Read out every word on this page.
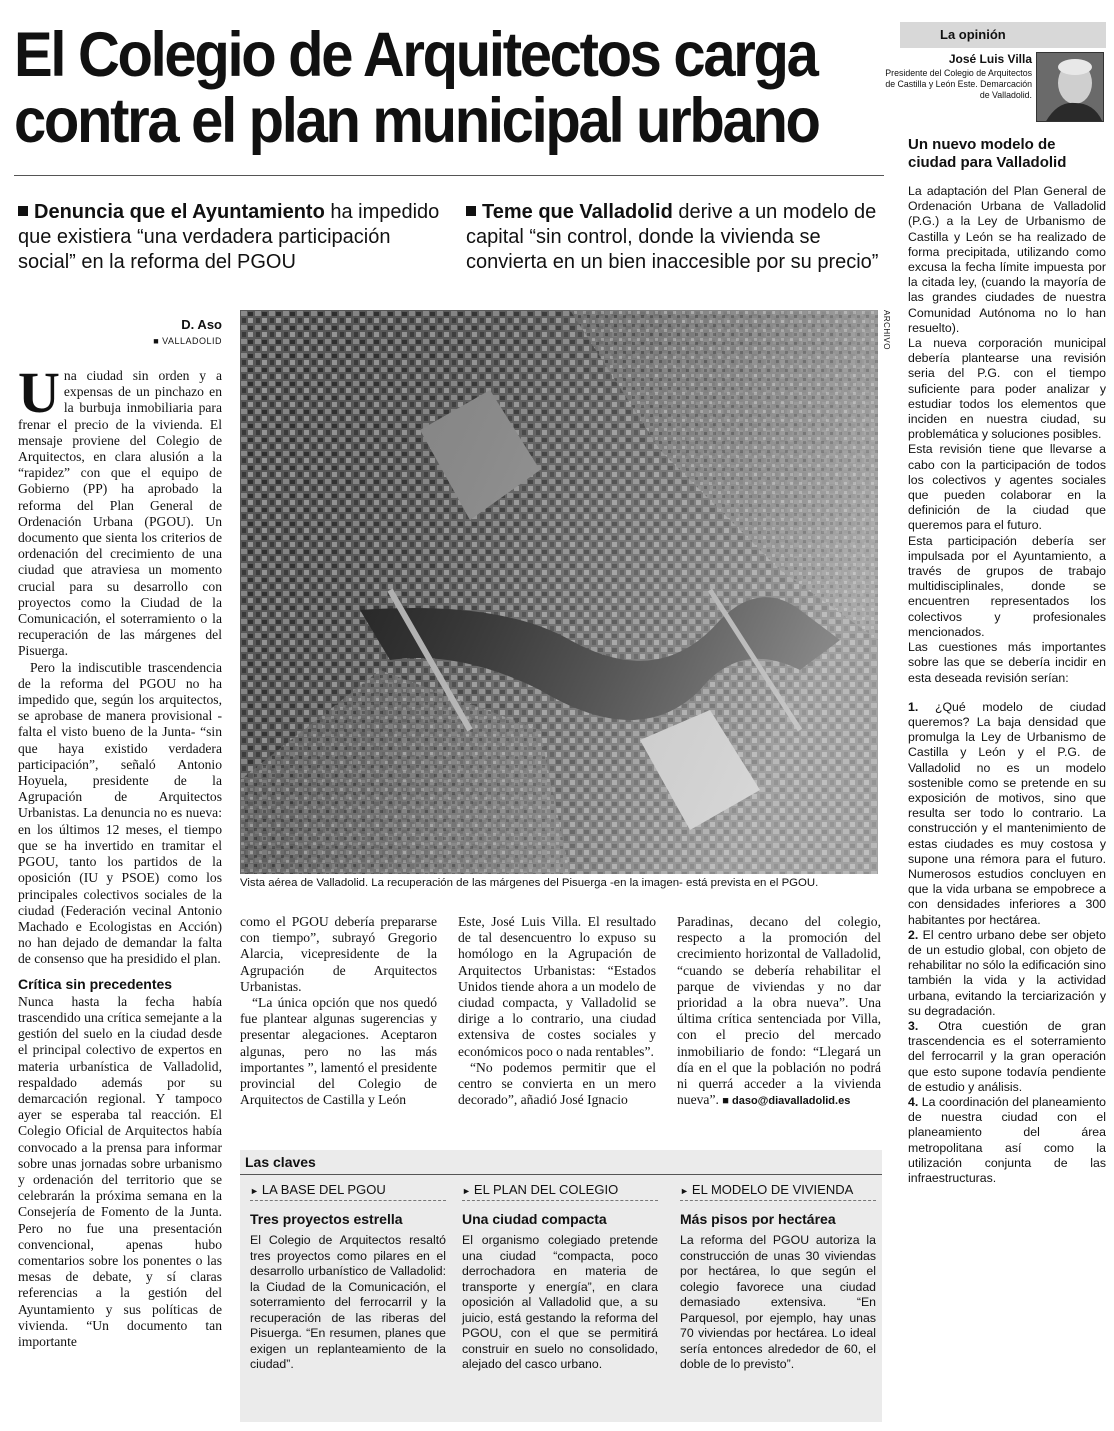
El Colegio de Arquitectos carga
contra el plan municipal urbano
Denuncia que el Ayuntamiento ha impedido que existiera “una verdadera participación social” en la reforma del PGOU
Teme que Valladolid derive a un modelo de capital “sin control, donde la vivienda se convierta en un bien inaccesible por su precio”
D. Aso
■ VALLADOLID

Una ciudad sin orden y a expensas de un pinchazo en la burbuja inmobiliaria para frenar el precio de la vivienda. El mensaje proviene del Colegio de Arquitectos, en clara alusión a la “rapidez” con que el equipo de Gobierno (PP) ha aprobado la reforma del Plan General de Ordenación Urbana (PGOU). Un documento que sienta los criterios de ordenación del crecimiento de una ciudad que atraviesa un momento crucial para su desarrollo con proyectos como la Ciudad de la Comunicación, el soterramiento o la recuperación de las márgenes del Pisuerga.

Pero la indiscutible trascendencia de la reforma del PGOU no ha impedido que, según los arquitectos, se aprobase de manera provisional -falta el visto bueno de la Junta- “sin que haya existido verdadera participación”, señaló Antonio Hoyuela, presidente de la Agrupación de Arquitectos Urbanistas. La denuncia no es nueva: en los últimos 12 meses, el tiempo que se ha invertido en tramitar el PGOU, tanto los partidos de la oposición (IU y PSOE) como los principales colectivos sociales de la ciudad (Federación vecinal Antonio Machado e Ecologistas en Acción) no han dejado de demandar la falta de consenso que ha presidido el plan.

Crítica sin precedentes

Nunca hasta la fecha había trascendido una crítica semejante a la gestión del suelo en la ciudad desde el principal colectivo de expertos en materia urbanística de Valladolid, respaldado además por su demarcación regional. Y tampoco ayer se esperaba tal reacción. El Colegio Oficial de Arquitectos había convocado a la prensa para informar sobre unas jornadas sobre urbanismo y ordenación del territorio que se celebrarán la próxima semana en la Consejería de Fomento de la Junta. Pero no fue una presentación convencional, apenas hubo comentarios sobre los ponentes o las mesas de debate, y sí claras referencias a la gestión del Ayuntamiento y sus políticas de vivienda. “Un documento tan importante

ARCHIVO
Vista aérea de Valladolid. La recuperación de las márgenes del Pisuerga -en la imagen- está prevista en el PGOU.

como el PGOU debería prepararse con tiempo”, subrayó Gregorio Alarcia, vicepresidente de la Agrupación de Arquitectos Urbanistas.

“La única opción que nos quedó fue plantear algunas sugerencias y presentar alegaciones. Aceptaron algunas, pero no las más importantes ”, lamentó el presidente provincial del Colegio de Arquitectos de Castilla y León

Este, José Luis Villa. El resultado de tal desencuentro lo expuso su homólogo en la Agrupación de Arquitectos Urbanistas: “Estados Unidos tiende ahora a un modelo de ciudad compacta, y Valladolid se dirige a lo contrario, una ciudad extensiva de costes sociales y económicos poco o nada rentables”.

“No podemos permitir que el centro se convierta en un mero decorado”, añadió José Ignacio

Paradinas, decano del colegio, respecto a la promoción del crecimiento horizontal de Valladolid, “cuando se debería rehabilitar el parque de viviendas y no dar prioridad a la obra nueva”. Una última crítica sentenciada por Villa, con el precio del mercado inmobiliario de fondo: “Llegará un día en el que la población no podrá ni querrá acceder a la vivienda nueva”. ■ daso@diavalladolid.es

Las claves
► LA BASE DEL PGOU
Tres proyectos estrella
El Colegio de Arquitectos resaltó tres proyectos como pilares en el desarrollo urbanístico de Valladolid: la Ciudad de la Comunicación, el soterramiento del ferrocarril y la recuperación de las riberas del Pisuerga. “En resumen, planes que exigen un replanteamiento de la ciudad”.
► EL PLAN DEL COLEGIO
Una ciudad compacta
El organismo colegiado pretende una ciudad “compacta, poco derrochadora en materia de transporte y energía”, en clara oposición al Valladolid que, a su juicio, está gestando la reforma del PGOU, con el que se permitirá construir en suelo no consolidado, alejado del casco urbano.
► EL MODELO DE VIVIENDA
Más pisos por hectárea
La reforma del PGOU autoriza la construcción de unas 30 viviendas por hectárea, lo que según el colegio favorece una ciudad demasiado extensiva. “En Parquesol, por ejemplo, hay unas 70 viviendas por hectárea. Lo ideal sería entonces alrededor de 60, el doble de lo previsto”.
La opinión
José Luis Villa
Presidente del Colegio de Arquitectos de Castilla y León Este. Demarcación de Valladolid.
Un nuevo modelo de ciudad para Valladolid

La adaptación del Plan General de Ordenación Urbana de Valladolid (P.G.) a la Ley de Urbanismo de Castilla y León se ha realizado de forma precipitada, utilizando como excusa la fecha límite impuesta por la citada ley, (cuando la mayoría de las grandes ciudades de nuestra Comunidad Autónoma no lo han resuelto).

La nueva corporación municipal debería plantearse una revisión seria del P.G. con el tiempo suficiente para poder analizar y estudiar todos los elementos que inciden en nuestra ciudad, su problemática y soluciones posibles.

Esta revisión tiene que llevarse a cabo con la participación de todos los colectivos y agentes sociales que pueden colaborar en la definición de la ciudad que queremos para el futuro.

Esta participación debería ser impulsada por el Ayuntamiento, a través de grupos de trabajo multidisciplinales, donde se encuentren representados los colectivos y profesionales mencionados.

Las cuestiones más importantes sobre las que se debería incidir en esta deseada revisión serían:

1. ¿Qué modelo de ciudad queremos? La baja densidad que promulga la Ley de Urbanismo de Castilla y León y el P.G. de Valladolid no es un modelo sostenible como se pretende en su exposición de motivos, sino que resulta ser todo lo contrario. La construcción y el mantenimiento de estas ciudades es muy costosa y supone una rémora para el futuro. Numerosos estudios concluyen en que la vida urbana se empobrece a con densidades inferiores a 300 habitantes por hectárea.

2. El centro urbano debe ser objeto de un estudio global, con objeto de rehabilitar no sólo la edificación sino también la vida y la actividad urbana, evitando la terciarización y su degradación.

3. Otra cuestión de gran trascendencia es el soterramiento del ferrocarril y la gran operación que esto supone todavía pendiente de estudio y análisis.

4. La coordinación del planeamiento de nuestra ciudad con el planeamiento del área metropolitana así como la utilización conjunta de las infraestructuras.
